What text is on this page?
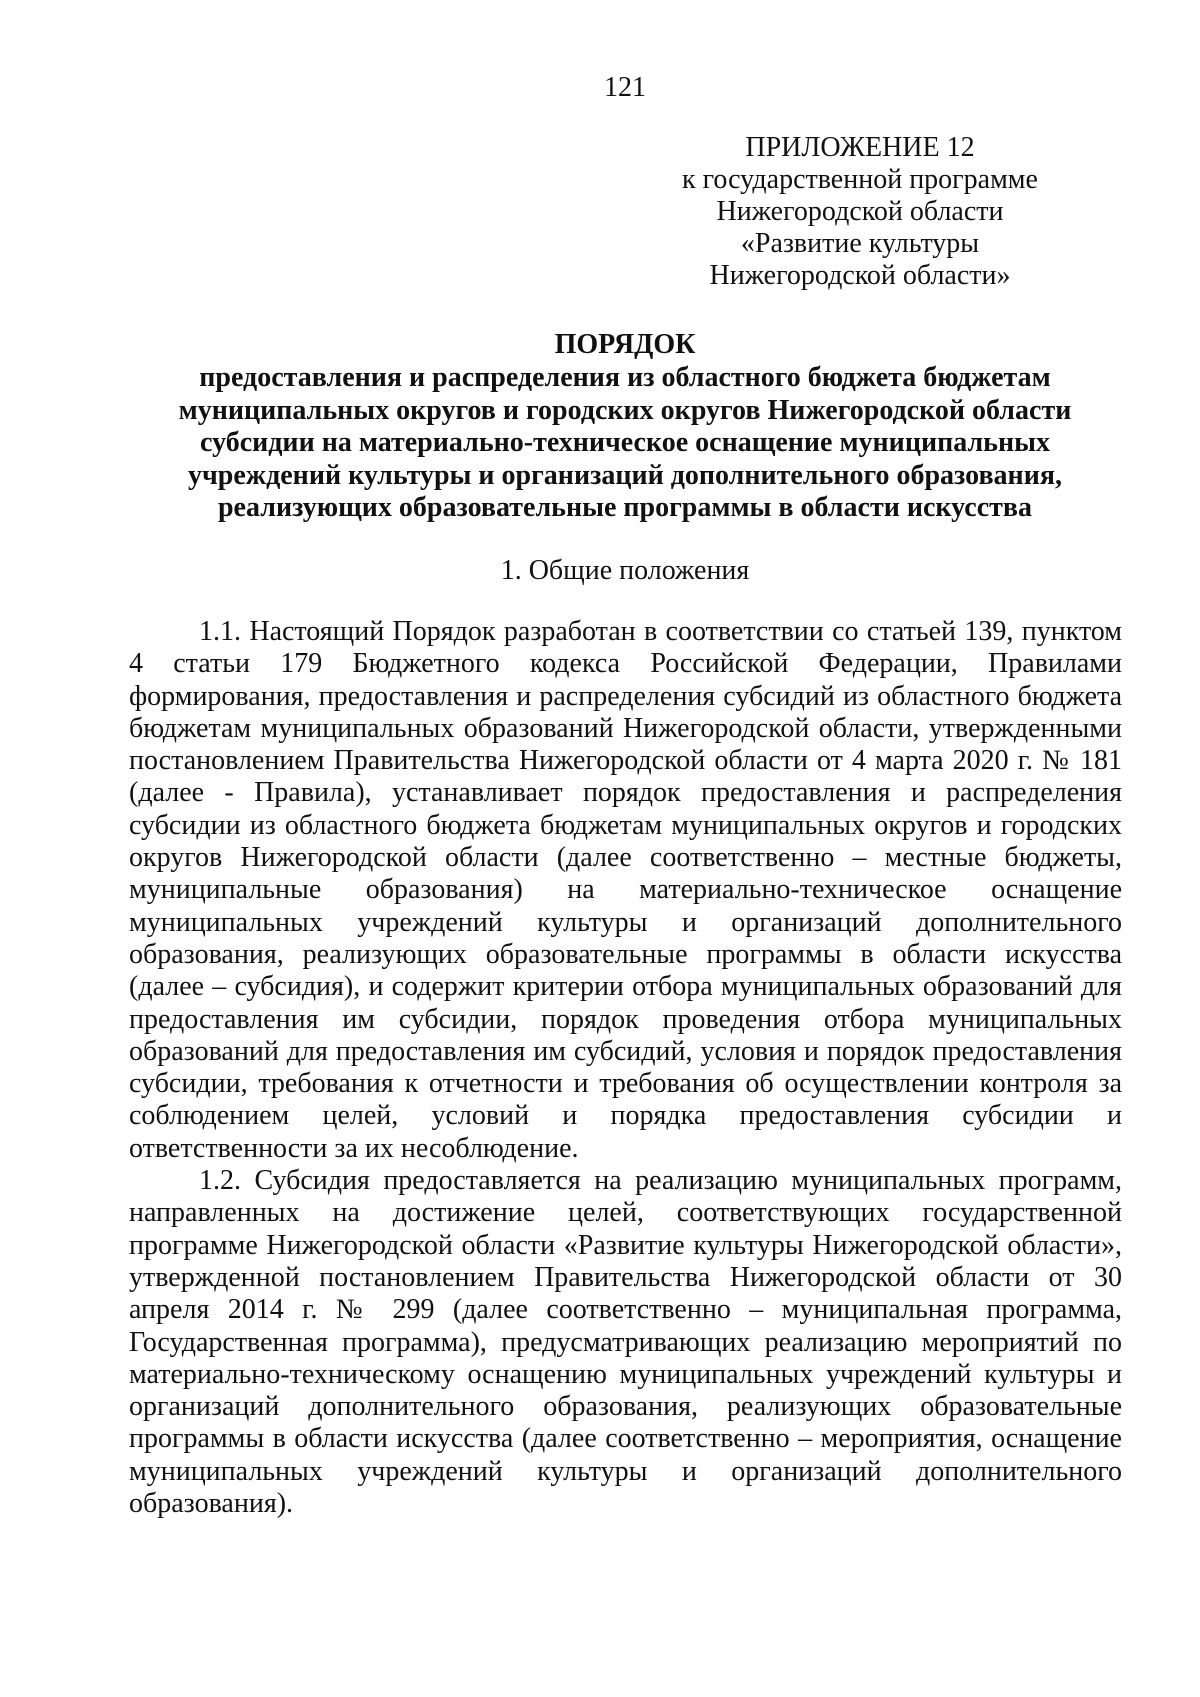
121
ПРИЛОЖЕНИЕ 12
к государственной программе
Нижегородской области
«Развитие культуры
Нижегородской области»
ПОРЯДОК
предоставления и распределения из областного бюджета бюджетам
муниципальных округов и городских округов Нижегородской области
субсидии на материально-техническое оснащение муниципальных
учреждений культуры и организаций дополнительного образования,
реализующих образовательные программы в области искусства
1. Общие положения

1.1. Настоящий Порядок разработан в соответствии со статьей 139, пунктом 4 статьи 179 Бюджетного кодекса Российской Федерации, Правилами формирования, предоставления и распределения субсидий из областного бюджета бюджетам муниципальных образований Нижегородской области, утвержденными постановлением Правительства Нижегородской области от 4 марта 2020 г. № 181 (далее - Правила), устанавливает порядок предоставления и распределения субсидии из областного бюджета бюджетам муниципальных округов и городских округов Нижегородской области (далее соответственно – местные бюджеты, муниципальные образования) на материально-техническое оснащение муниципальных учреждений культуры и организаций дополнительного образования, реализующих образовательные программы в области искусства (далее – субсидия), и содержит критерии отбора муниципальных образований для предоставления им субсидии, порядок проведения отбора муниципальных образований для предоставления им субсидий, условия и порядок предоставления субсидии, требования к отчетности и требования об осуществлении контроля за соблюдением целей, условий и порядка предоставления субсидии и ответственности за их несоблюдение.

1.2. Субсидия предоставляется на реализацию муниципальных программ, направленных на достижение целей, соответствующих государственной программе Нижегородской области «Развитие культуры Нижегородской области», утвержденной постановлением Правительства Нижегородской области от 30 апреля 2014 г. № 299 (далее соответственно – муниципальная программа, Государственная программа), предусматривающих реализацию мероприятий по материально-техническому оснащению муниципальных учреждений культуры и организаций дополнительного образования, реализующих образовательные программы в области искусства (далее соответственно – мероприятия, оснащение муниципальных учреждений культуры и организаций дополнительного образования).
